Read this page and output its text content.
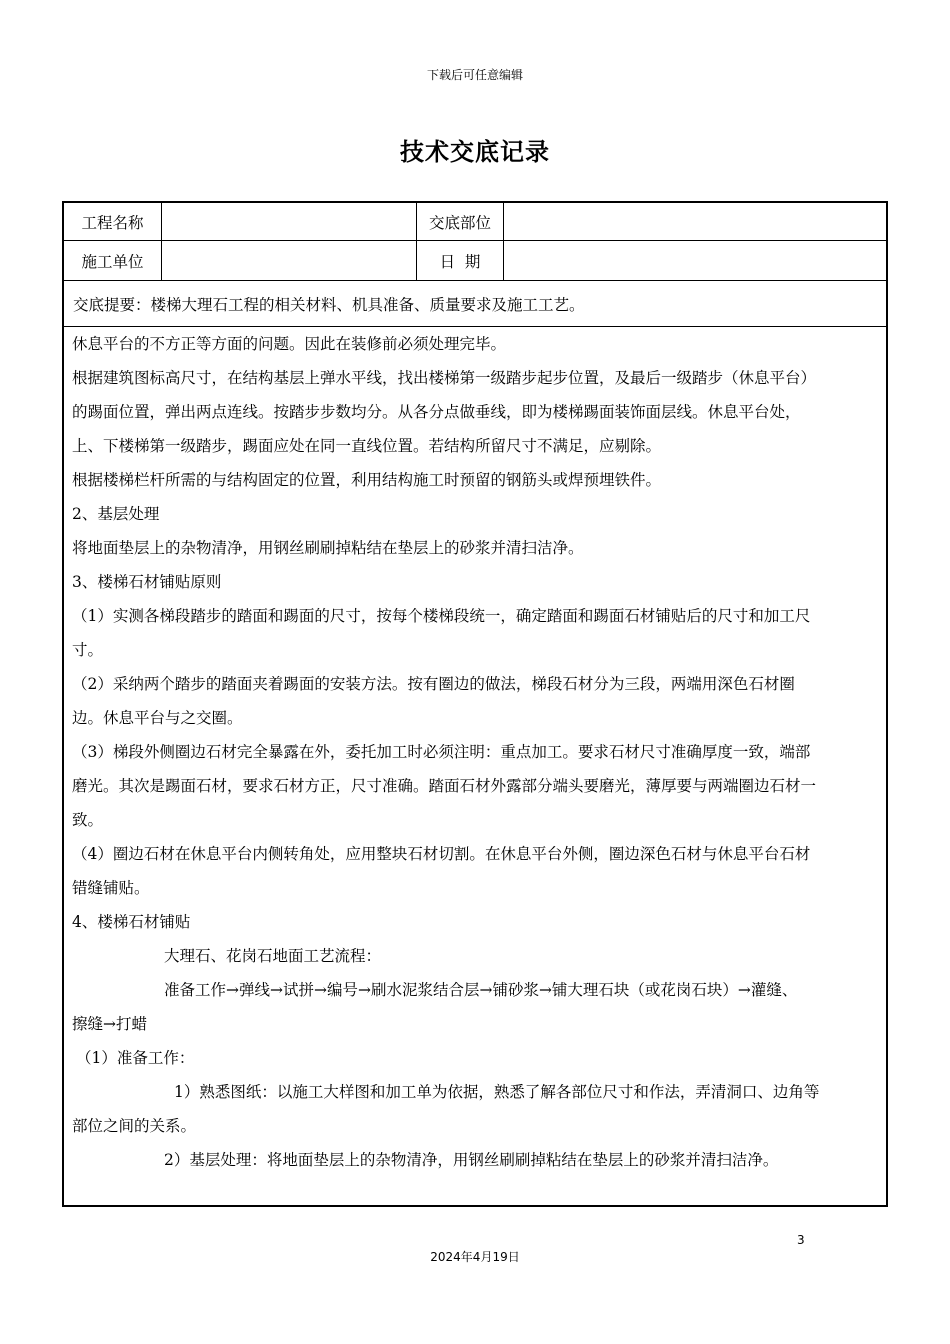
下载后可任意编辑
技术交底记录
工程名称	交底部位
施工单位	日  期
交底提要：楼梯大理石工程的相关材料、机具准备、质量要求及施工工艺。

休息平台的不方正等方面的问题。因此在装修前必须处理完毕。

根据建筑图标高尺寸，在结构基层上弹水平线，找出楼梯第一级踏步起步位置，及最后一级踏步（休息平台）

的踢面位置，弹出两点连线。按踏步步数均分。从各分点做垂线，即为楼梯踢面装饰面层线。休息平台处，

上、下楼梯第一级踏步，踢面应处在同一直线位置。若结构所留尺寸不满足，应剔除。

根据楼梯栏杆所需的与结构固定的位置，利用结构施工时预留的钢筋头或焊预埋铁件。

2、基层处理

将地面垫层上的杂物清净，用钢丝刷刷掉粘结在垫层上的砂浆并清扫洁净。

3、楼梯石材铺贴原则

（1）实测各梯段踏步的踏面和踢面的尺寸，按每个楼梯段统一，确定踏面和踢面石材铺贴后的尺寸和加工尺

寸。

（2）采纳两个踏步的踏面夹着踢面的安装方法。按有圈边的做法，梯段石材分为三段，两端用深色石材圈

边。休息平台与之交圈。

（3）梯段外侧圈边石材完全暴露在外，委托加工时必须注明：重点加工。要求石材尺寸准确厚度一致，端部

磨光。其次是踢面石材，要求石材方正，尺寸准确。踏面石材外露部分端头要磨光，薄厚要与两端圈边石材一

致。

（4）圈边石材在休息平台内侧转角处，应用整块石材切割。在休息平台外侧，圈边深色石材与休息平台石材

错缝铺贴。

4、楼梯石材铺贴

大理石、花岗石地面工艺流程：

准备工作→弹线→试拼→编号→刷水泥浆结合层→铺砂浆→铺大理石块（或花岗石块）→灌缝、

擦缝→打蜡

（1）准备工作：

1）熟悉图纸：以施工大样图和加工单为依据，熟悉了解各部位尺寸和作法，弄清洞口、边角等

部位之间的关系。

2）基层处理：将地面垫层上的杂物清净，用钢丝刷刷掉粘结在垫层上的砂浆并清扫洁净。

3
2024年4月19日
